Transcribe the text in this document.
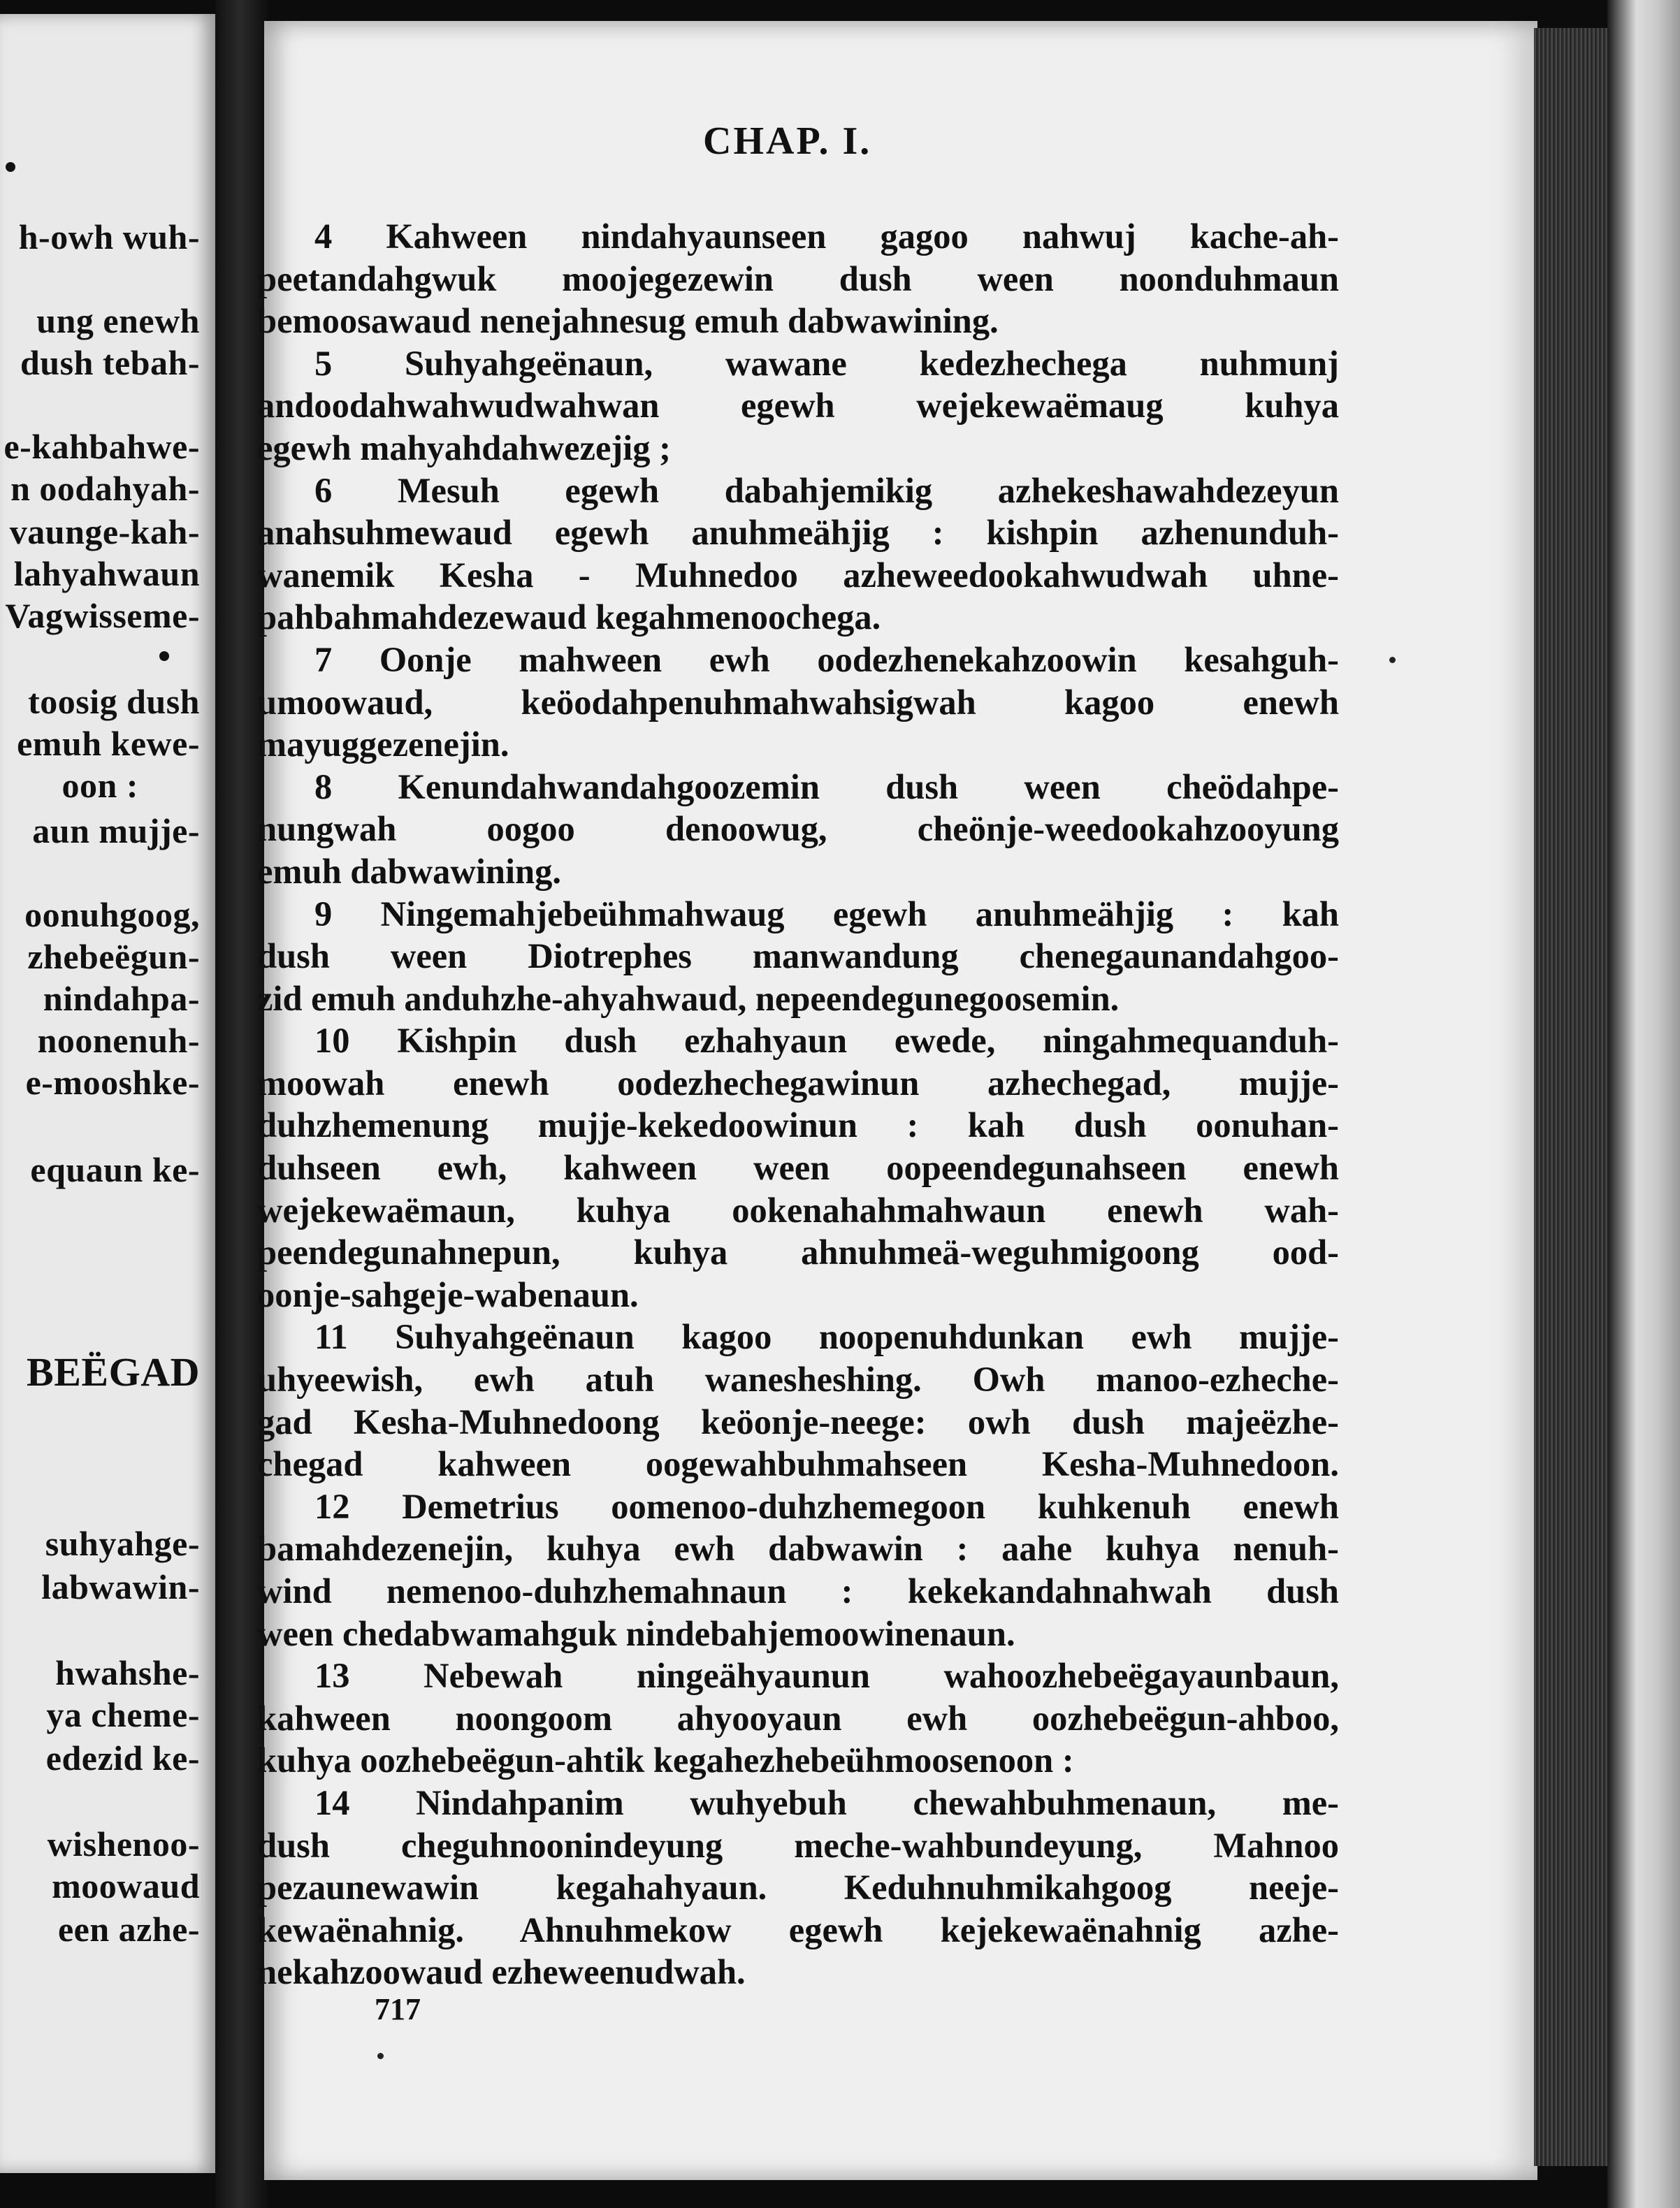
h-owh wuh-
ung enewh
dush tebah-
e-kahbahwe-
n oodahyah-
vaunge-kah-
lahyahwaun
Vagwisseme-
toosig dush
emuh kewe-
oon :
aun mujje-
oonuhgoog,
zhebeëgun-
nindahpa-
noonenuh-
e-mooshke-
equaun ke-
BEËGAD
suhyahge-
labwawin-
hwahshe-
ya cheme-
edezid ke-
wishenoo-
moowaud
een azhe-
CHAP. I.
4 Kahween nindahyaunseen gagoo nahwuj kache-ah-
peetandahgwuk moojegezewin dush ween noonduhmaun
bemoosawaud nenejahnesug emuh dabwawining.
5 Suhyahgeënaun, wawane kedezhechega nuhmunj
andoodahwahwudwahwan egewh wejekewaëmaug kuhya
egewh mahyahdahwezejig ;
6 Mesuh egewh dabahjemikig azhekeshawahdezeyun
anahsuhmewaud egewh anuhmeähjig : kishpin azhenunduh-
wanemik Kesha - Muhnedoo azheweedookahwudwah uhne-
pahbahmahdezewaud kegahmenoochega.
7 Oonje mahween ewh oodezhenekahzoowin kesahguh-
umoowaud, keöodahpenuhmahwahsigwah kagoo enewh
mayuggezenejin.
8 Kenundahwandahgoozemin dush ween cheödahpe-
nungwah oogoo denoowug, cheönje-weedookahzooyung
emuh dabwawining.
9 Ningemahjebeühmahwaug egewh anuhmeähjig : kah
dush ween Diotrephes manwandung chenegaunandahgoo-
zid emuh anduhzhe-ahyahwaud, nepeendegunegoosemin.
10 Kishpin dush ezhahyaun ewede, ningahmequanduh-
moowah enewh oodezhechegawinun azhechegad, mujje-
duhzhemenung mujje-kekedoowinun : kah dush oonuhan-
duhseen ewh, kahween ween oopeendegunahseen enewh
wejekewaëmaun, kuhya ookenahahmahwaun enewh wah-
peendegunahnepun, kuhya ahnuhmeä-weguhmigoong ood-
oonje-sahgeje-wabenaun.
11 Suhyahgeënaun kagoo noopenuhdunkan ewh mujje-
uhyeewish, ewh atuh wanesheshing. Owh manoo-ezheche-
gad Kesha-Muhnedoong keöonje-neege: owh dush majeëzhe-
chegad kahween oogewahbuhmahseen Kesha-Muhnedoon.
12 Demetrius oomenoo-duhzhemegoon kuhkenuh enewh
bamahdezenejin, kuhya ewh dabwawin : aahe kuhya nenuh-
wind nemenoo-duhzhemahnaun : kekekandahnahwah dush
ween chedabwamahguk nindebahjemoowinenaun.
13 Nebewah ningeähyaunun wahoozhebeëgayaunbaun,
kahween noongoom ahyooyaun ewh oozhebeëgun-ahboo,
kuhya oozhebeëgun-ahtik kegahezhebeühmoosenoon :
14 Nindahpanim wuhyebuh chewahbuhmenaun, me-
dush cheguhnoonindeyung meche-wahbundeyung, Mahnoo
pezaunewawin kegahahyaun. Keduhnuhmikahgoog neeje-
kewaënahnig. Ahnuhmekow egewh kejekewaënahnig azhe-
nekahzoowaud ezheweenudwah.
717
